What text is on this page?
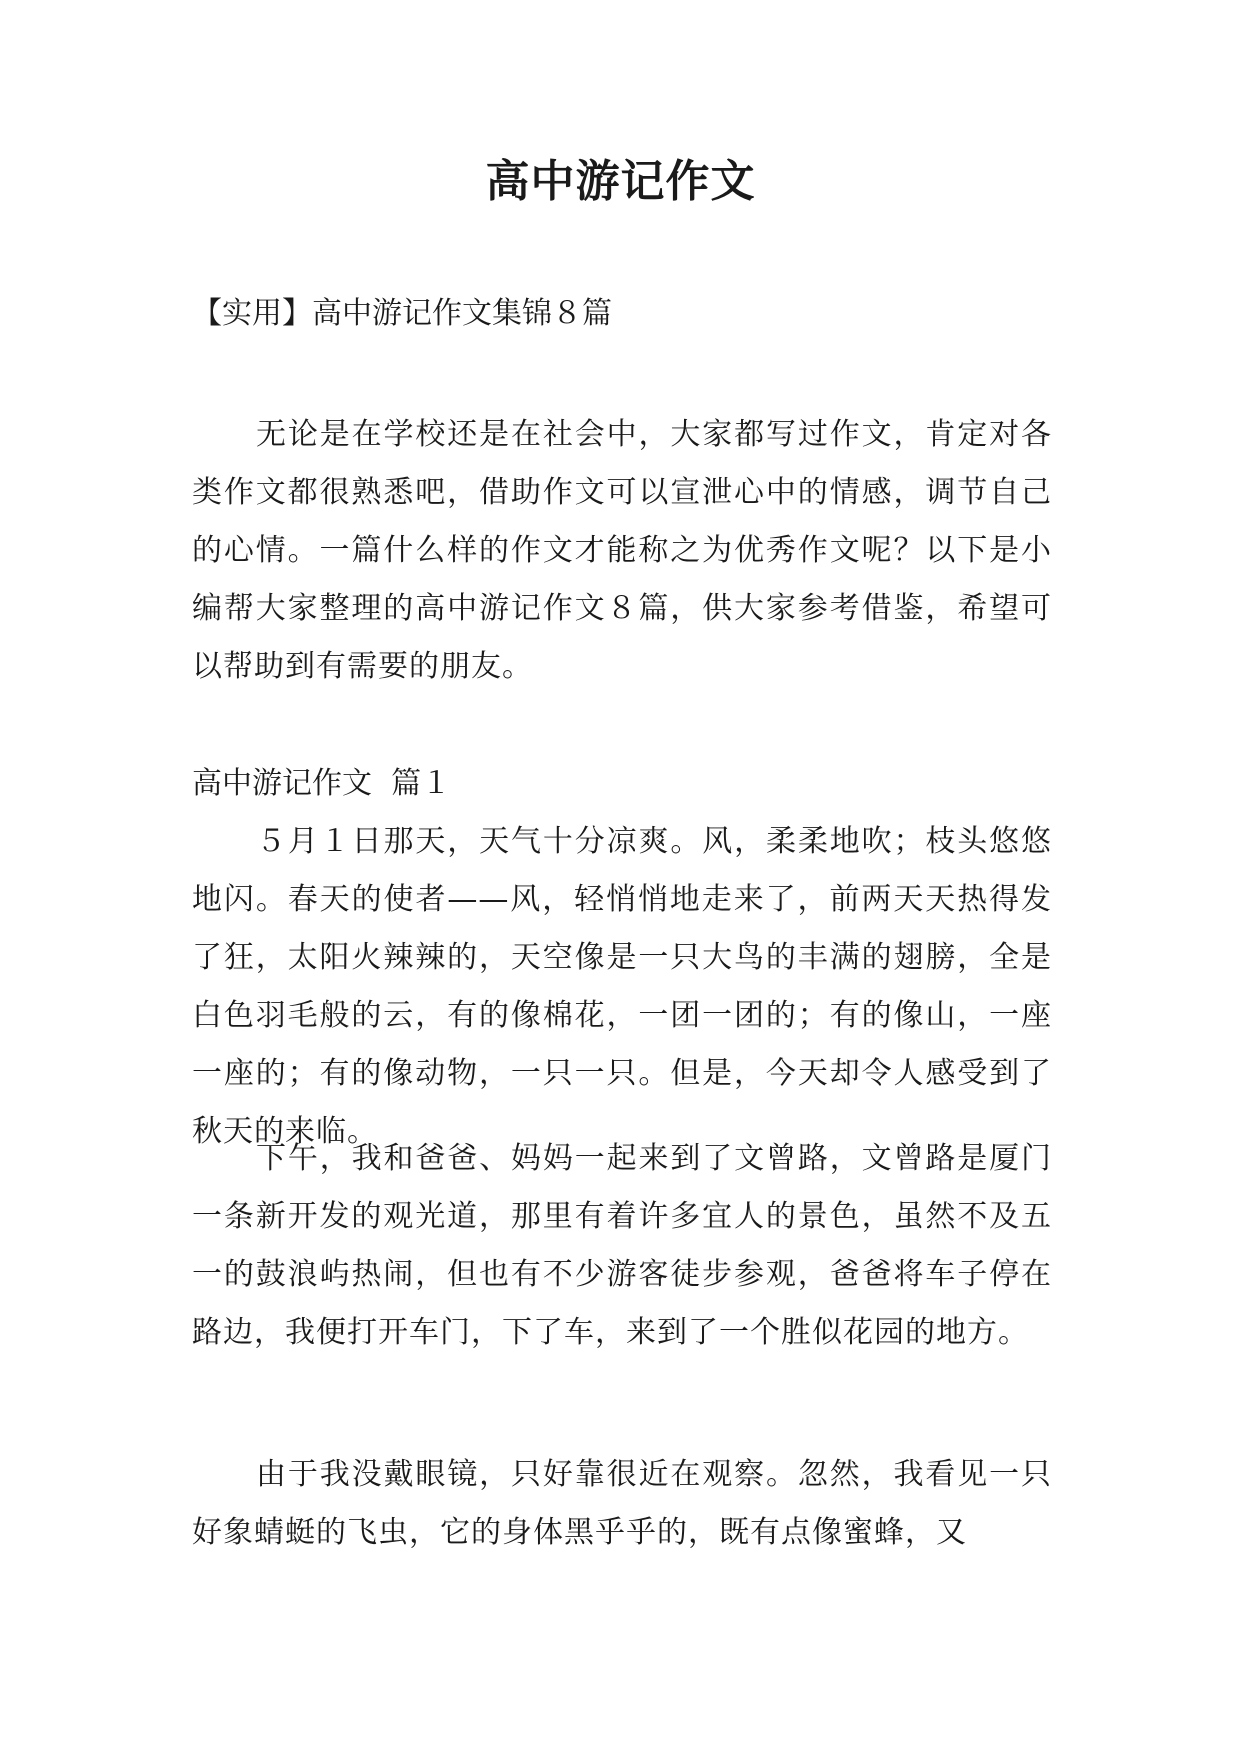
高中游记作文

【实用】高中游记作文集锦８篇

无论是在学校还是在社会中，大家都写过作文，肯定对各类作文都很熟悉吧，借助作文可以宣泄心中的情感，调节自己的心情。一篇什么样的作文才能称之为优秀作文呢？以下是小编帮大家整理的高中游记作文８篇，供大家参考借鉴，希望可以帮助到有需要的朋友。

高中游记作文  篇１

５月１日那天，天气十分凉爽。风，柔柔地吹；枝头悠悠地闪。春天的使者——风，轻悄悄地走来了，前两天天热得发了狂，太阳火辣辣的，天空像是一只大鸟的丰满的翅膀，全是白色羽毛般的云，有的像棉花，一团一团的；有的像山，一座一座的；有的像动物，一只一只。但是，今天却令人感受到了秋天的来临。

下午，我和爸爸、妈妈一起来到了文曾路，文曾路是厦门一条新开发的观光道，那里有着许多宜人的景色，虽然不及五一的鼓浪屿热闹，但也有不少游客徒步参观，爸爸将车子停在路边，我便打开车门，下了车，来到了一个胜似花园的地方。

由于我没戴眼镜，只好靠很近在观察。忽然，我看见一只好象蜻蜓的飞虫，它的身体黑乎乎的，既有点像蜜蜂，又
